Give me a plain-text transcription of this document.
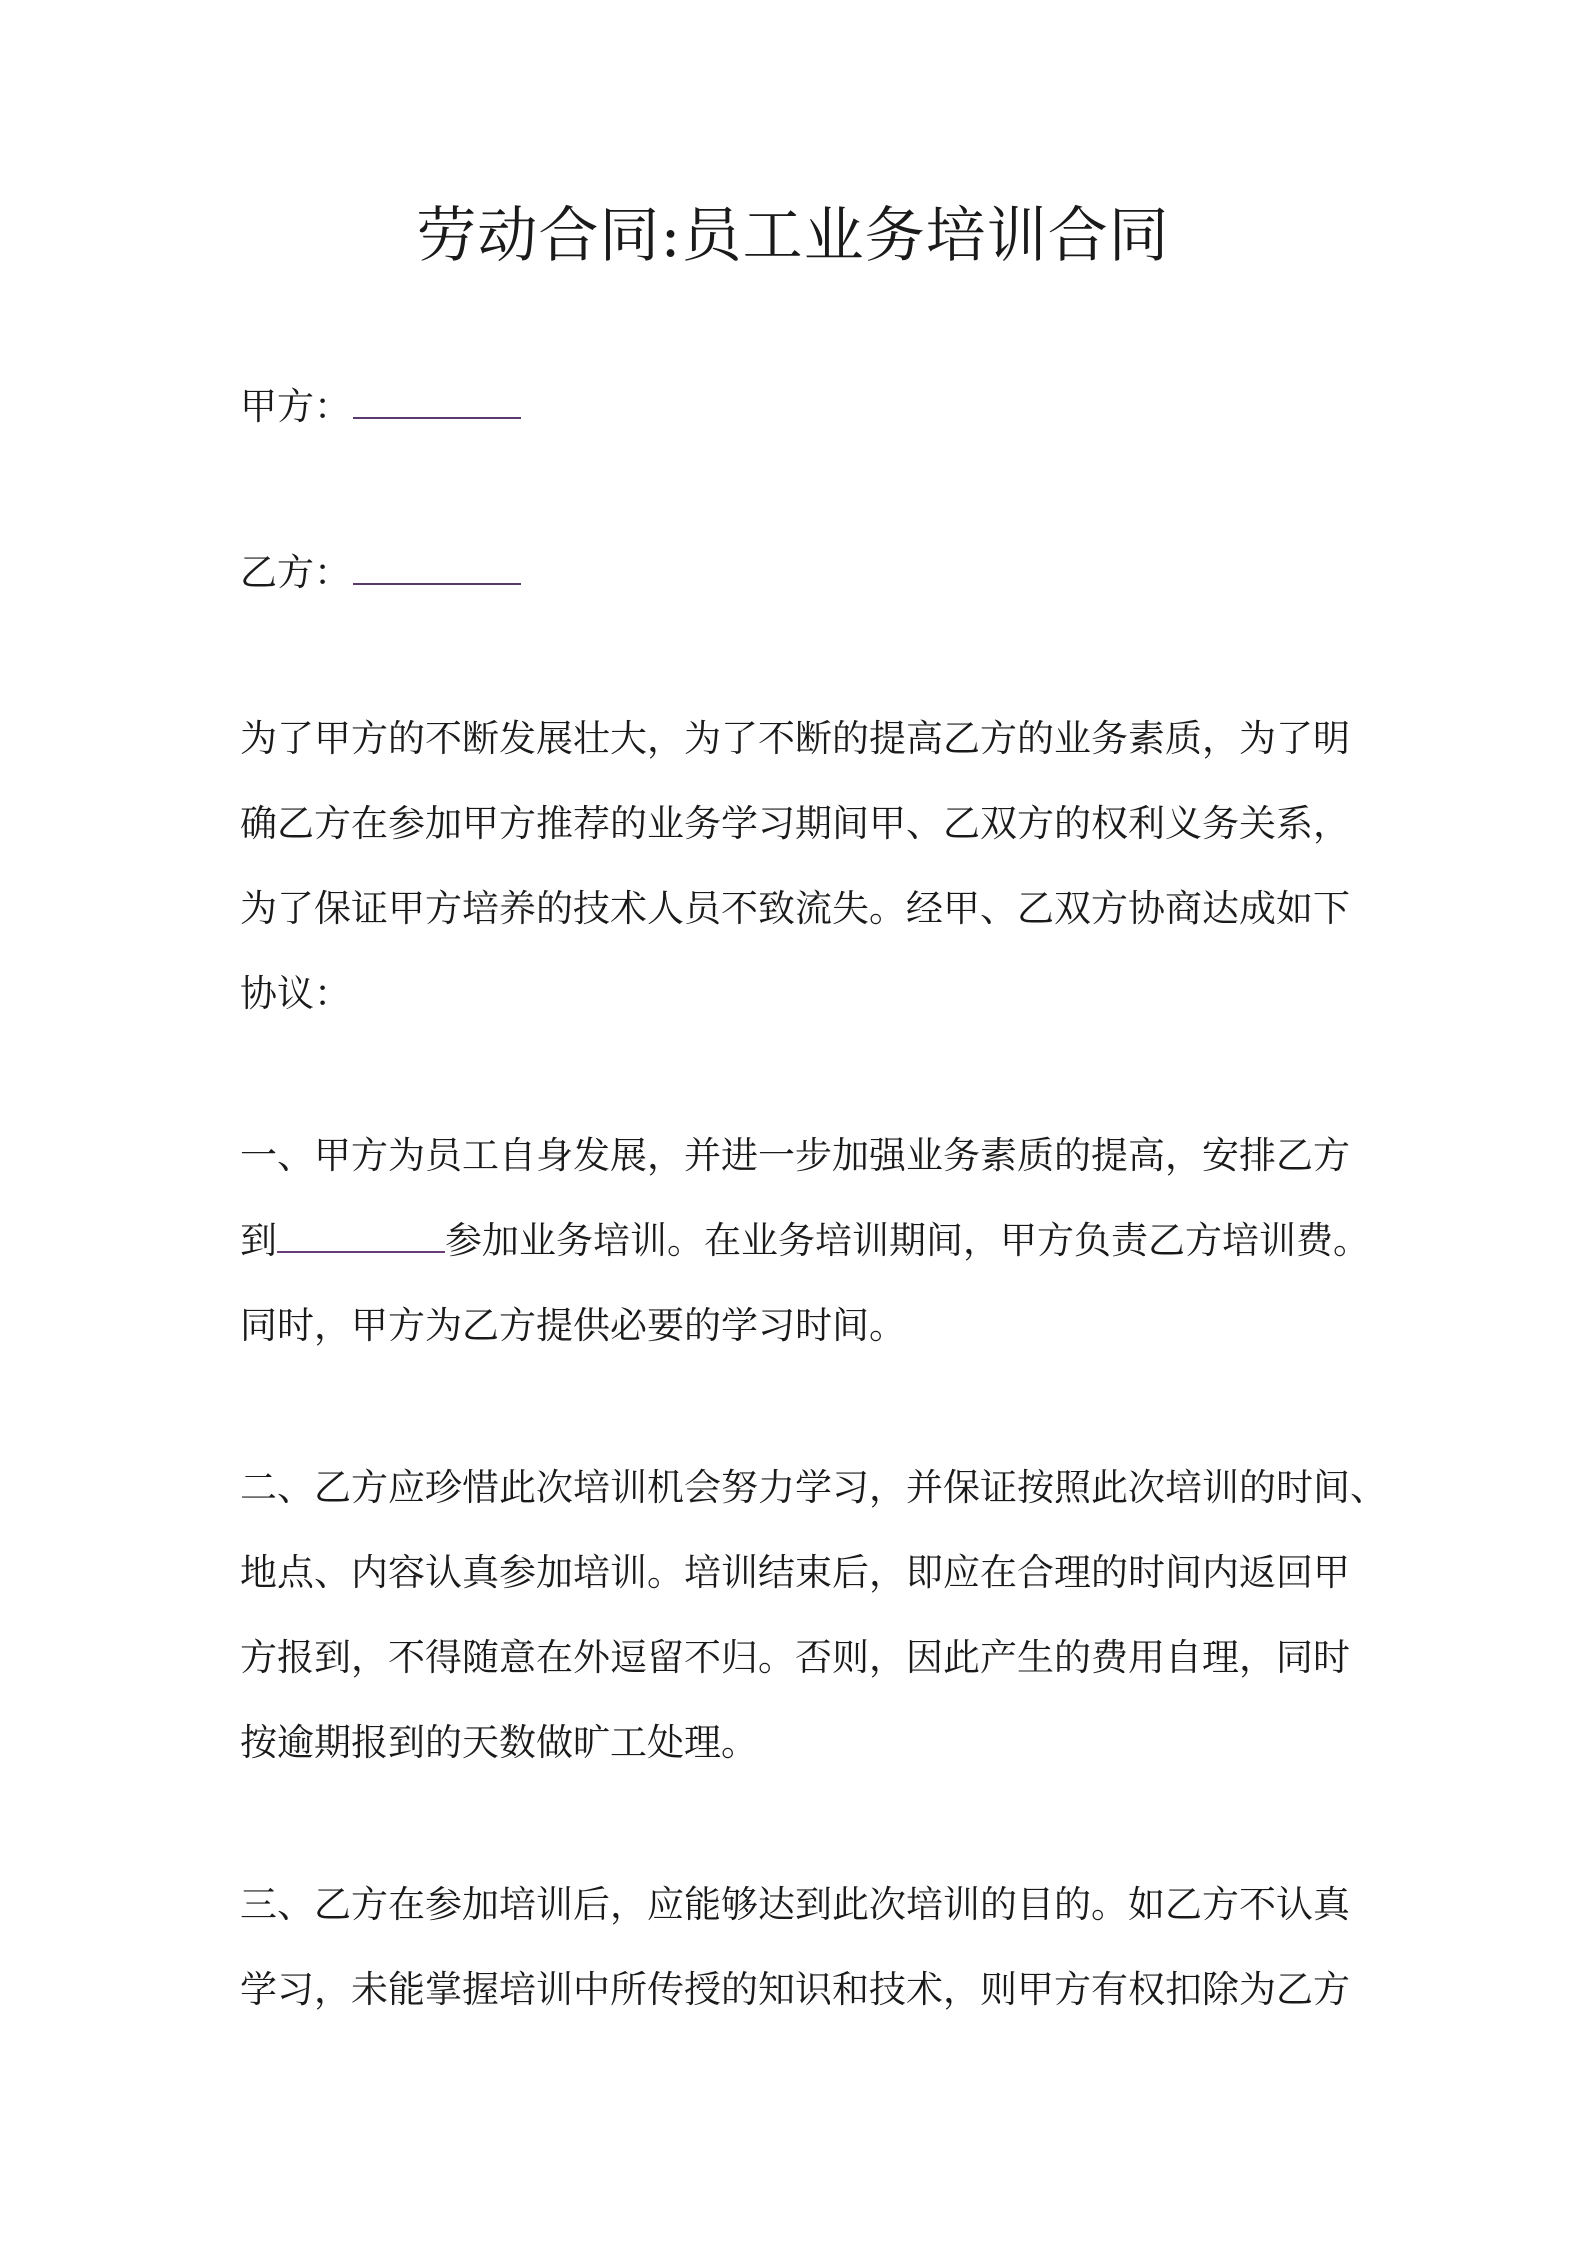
劳动合同:员工业务培训合同
甲方：
乙方：
为了甲方的不断发展壮大，为了不断的提高乙方的业务素质，为了明
确乙方在参加甲方推荐的业务学习期间甲、乙双方的权利义务关系，
为了保证甲方培养的技术人员不致流失。经甲、乙双方协商达成如下
协议：
一、甲方为员工自身发展，并进一步加强业务素质的提高，安排乙方
到	参加业务培训。在业务培训期间，甲方负责乙方培训费。
同时，甲方为乙方提供必要的学习时间。
二、乙方应珍惜此次培训机会努力学习，并保证按照此次培训的时间、
地点、内容认真参加培训。培训结束后，即应在合理的时间内返回甲
方报到，不得随意在外逗留不归。否则，因此产生的费用自理，同时
按逾期报到的天数做旷工处理。
三、乙方在参加培训后，应能够达到此次培训的目的。如乙方不认真
学习，未能掌握培训中所传授的知识和技术，则甲方有权扣除为乙方
